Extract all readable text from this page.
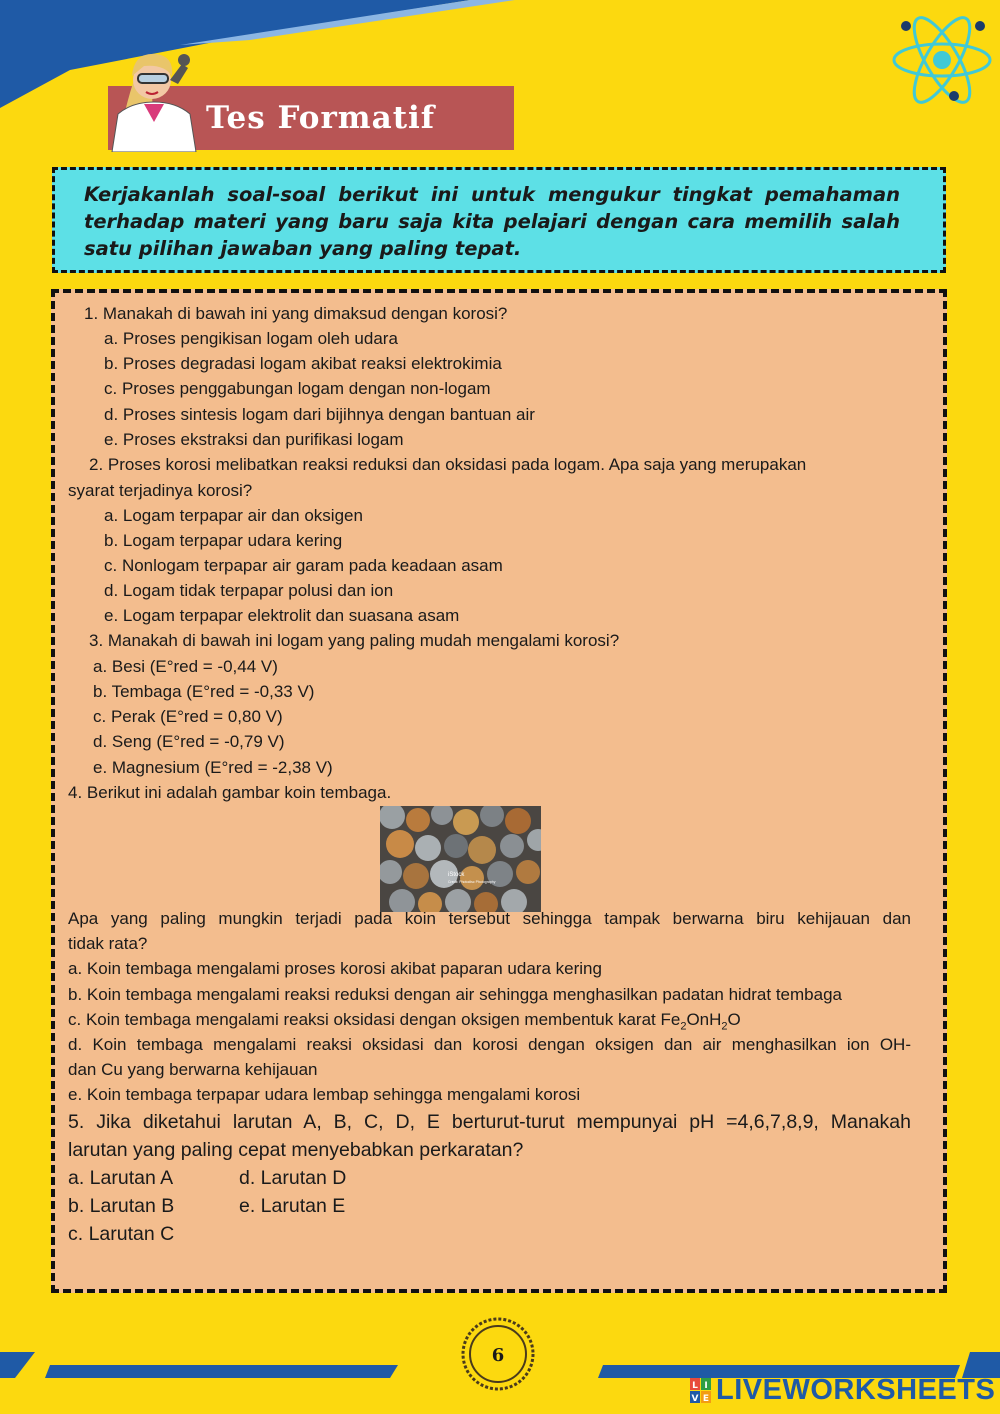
Tes Formatif
Kerjakanlah soal-soal berikut ini untuk mengukur tingkat pemahaman terhadap materi yang baru saja kita pelajari dengan cara memilih salah satu pilihan jawaban yang paling tepat.
1. Manakah di bawah ini yang dimaksud dengan korosi?
a. Proses pengikisan logam oleh udara
b. Proses degradasi logam akibat reaksi elektrokimia
c. Proses penggabungan logam dengan non-logam
d. Proses sintesis logam dari bijihnya dengan bantuan air
e. Proses ekstraksi dan purifikasi logam
2. Proses korosi melibatkan reaksi reduksi dan oksidasi pada logam. Apa saja yang merupakan
syarat terjadinya korosi?
a. Logam terpapar air dan oksigen
b. Logam terpapar udara kering
c. Nonlogam terpapar air garam pada keadaan asam
d. Logam tidak terpapar polusi dan ion
e. Logam terpapar elektrolit dan suasana asam
3. Manakah di bawah ini logam yang paling mudah mengalami korosi?
a. Besi (E°red = -0,44 V)
b. Tembaga (E°red = -0,33 V)
c. Perak (E°red = 0,80 V)
d. Seng (E°red = -0,79 V)
e. Magnesium (E°red = -2,38 V)
4. Berikut ini adalah gambar koin tembaga.
iStock
Credit: Photodisc Photography
Apa yang paling mungkin terjadi pada koin tersebut sehingga tampak berwarna biru kehijauan dan
tidak rata?
a. Koin tembaga mengalami proses korosi akibat paparan udara kering
b. Koin tembaga mengalami reaksi reduksi dengan air sehingga menghasilkan padatan hidrat tembaga
c. Koin tembaga mengalami reaksi oksidasi dengan oksigen membentuk karat $Fe_2OnH_2O$
d. Koin tembaga mengalami reaksi oksidasi dan korosi dengan oksigen dan air menghasilkan ion OH-
dan Cu yang berwarna kehijauan
e. Koin tembaga terpapar udara lembap sehingga mengalami korosi
5. Jika diketahui larutan A, B, C, D, E berturut-turut mempunyai pH =4,6,7,8,9, Manakah
larutan yang paling cepat menyebabkan perkaratan?
a. Larutan A
b. Larutan B
c. Larutan C
d. Larutan D
e. Larutan E
6
L I
V E LIVEWORKSHEETS
